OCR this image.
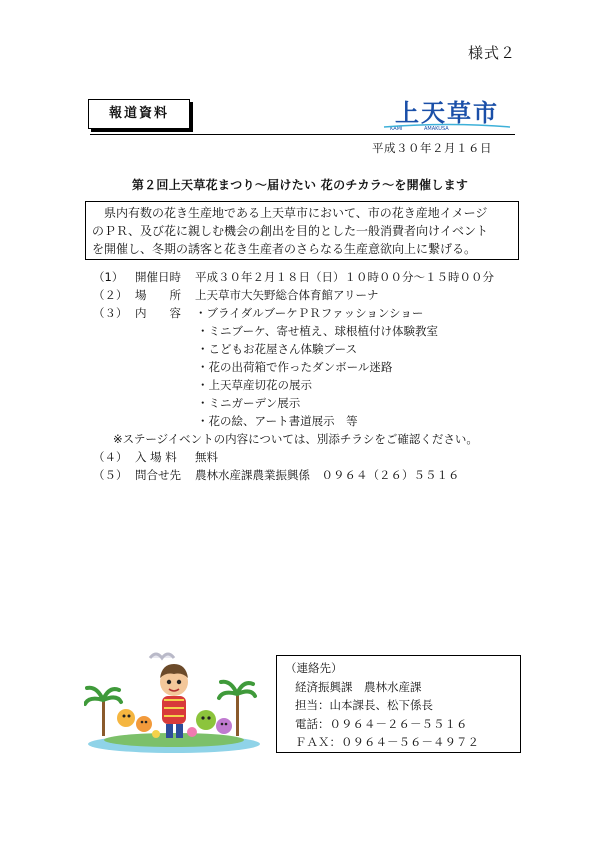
様式２
報道資料	上天草市
KAMI	AMAKUSA
平成３０年２月１６日
第２回上天草花まつり～届けたい 花のチカラ～を開催します
県内有数の花き生産地である上天草市において、市の花き産地イメージ
のＰＲ、及び花に親しむ機会の創出を目的とした一般消費者向けイベント
を開催し、冬期の誘客と花き生産者のさらなる生産意欲向上に繋げる。
（1） 開催日時 平成３０年２月１８日（日）１０時００分～１５時００分
（２） 場　　所 上天草市大矢野総合体育館アリーナ
（３） 内　　容 ・ブライダルブーケＰＲファッションショー
・ミニブーケ、寄せ植え、球根植付け体験教室
・こどもお花屋さん体験ブース
・花の出荷箱で作ったダンボール迷路
・上天草産切花の展示
・ミニガーデン展示
・花の絵、アート書道展示　等
※ステージイベントの内容については、別添チラシをご確認ください。
（４） 入 場 料 無料
（５） 問合せ先 農林水産課農業振興係　０９６４（２６）５５１６
（連絡先）
経済振興課　農林水産課
担当：山本課長、松下係長
電話：０９６４－２６－５５１６
ＦＡＸ：０９６４－５６－４９７２
